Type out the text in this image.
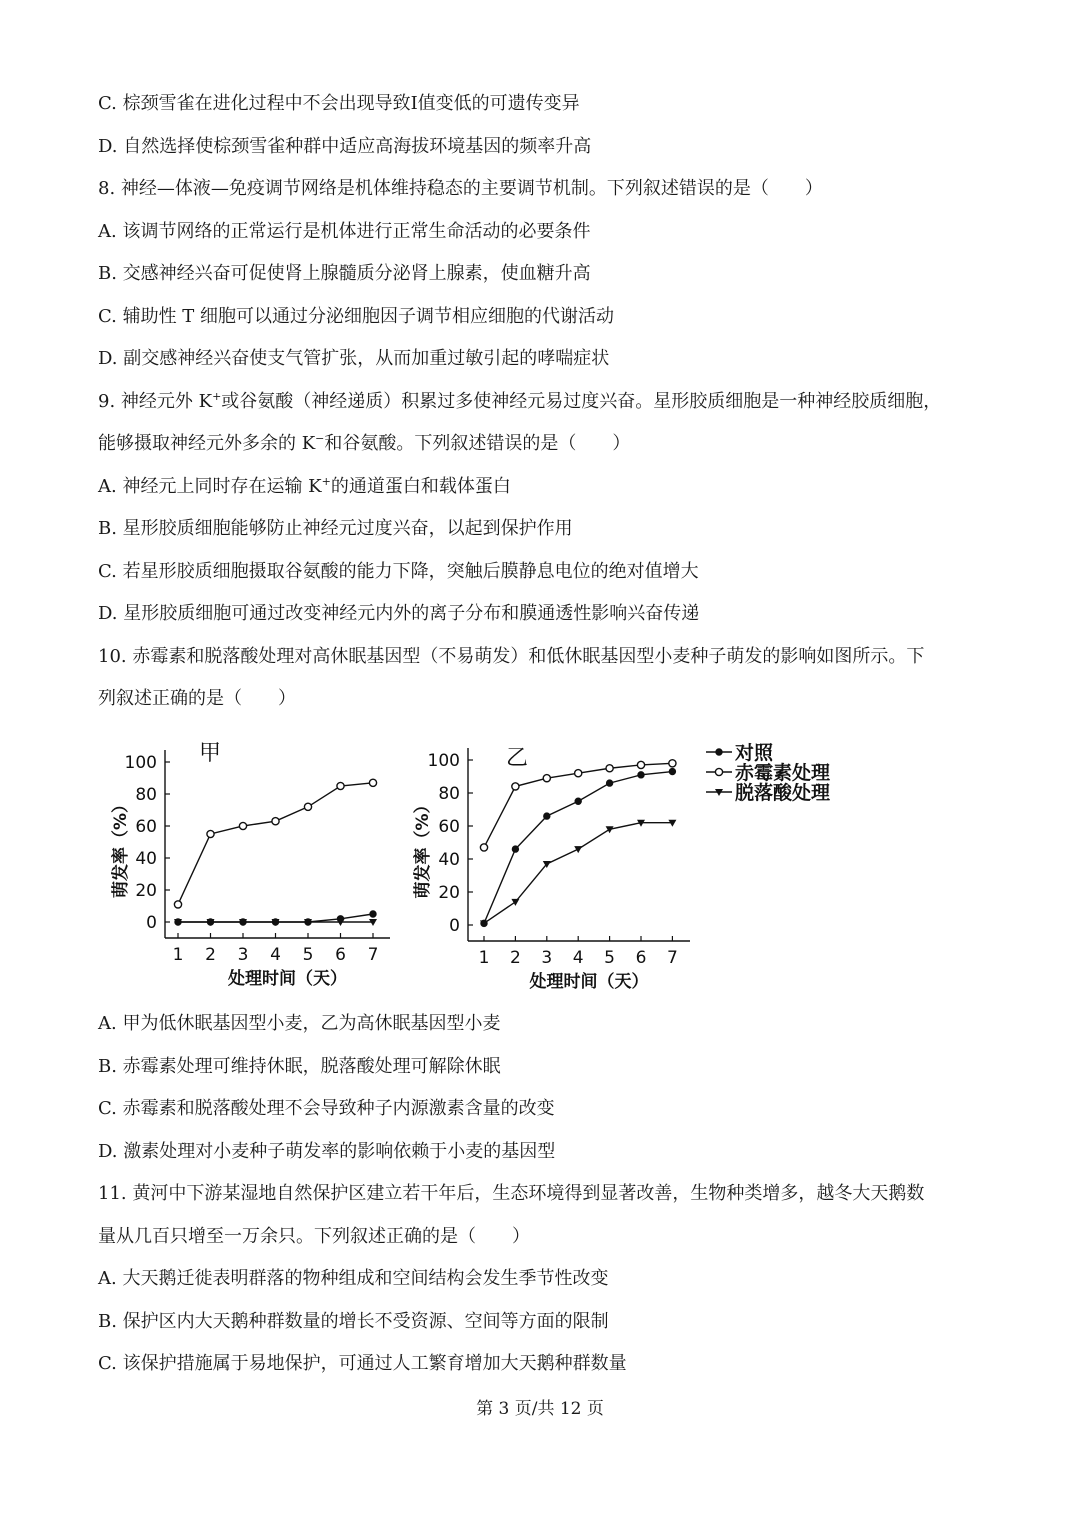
C. 棕颈雪雀在进化过程中不会出现导致I值变低的可遗传变异
D. 自然选择使棕颈雪雀种群中适应高海拔环境基因的频率升高
8. 神经—体液—免疫调节网络是机体维持稳态的主要调节机制。下列叙述错误的是（　　）
A. 该调节网络的正常运行是机体进行正常生命活动的必要条件
B. 交感神经兴奋可促使肾上腺髓质分泌肾上腺素，使血糖升高
C. 辅助性 T 细胞可以通过分泌细胞因子调节相应细胞的代谢活动
D. 副交感神经兴奋使支气管扩张，从而加重过敏引起的哮喘症状
9. 神经元外 K+或谷氨酸（神经递质）积累过多使神经元易过度兴奋。星形胶质细胞是一种神经胶质细胞，
能够摄取神经元外多余的 K−和谷氨酸。下列叙述错误的是（　　）
A. 神经元上同时存在运输 K+的通道蛋白和载体蛋白
B. 星形胶质细胞能够防止神经元过度兴奋，以起到保护作用
C. 若星形胶质细胞摄取谷氨酸的能力下降，突触后膜静息电位的绝对值增大
D. 星形胶质细胞可通过改变神经元内外的离子分布和膜通透性影响兴奋传递
10. 赤霉素和脱落酸处理对高休眠基因型（不易萌发）和低休眠基因型小麦种子萌发的影响如图所示。下
列叙述正确的是（　　）
对照
赤霉素处理
脱落酸处理
0
20
40
60
80
100
1 2 3 4 5 6 7
甲
处理时间（天）
萌发率（%）
0
20
40
60
80
100
1 2 3 4 5 6 7
乙
处理时间（天）
萌发率（%）
A. 甲为低休眠基因型小麦，乙为高休眠基因型小麦
B. 赤霉素处理可维持休眠，脱落酸处理可解除休眠
C. 赤霉素和脱落酸处理不会导致种子内源激素含量的改变
D. 激素处理对小麦种子萌发率的影响依赖于小麦的基因型
11. 黄河中下游某湿地自然保护区建立若干年后，生态环境得到显著改善，生物种类增多，越冬大天鹅数
量从几百只增至一万余只。下列叙述正确的是（　　）
A. 大天鹅迁徙表明群落的物种组成和空间结构会发生季节性改变
B. 保护区内大天鹅种群数量的增长不受资源、空间等方面的限制
C. 该保护措施属于易地保护，可通过人工繁育增加大天鹅种群数量
第 3 页/共 12 页
